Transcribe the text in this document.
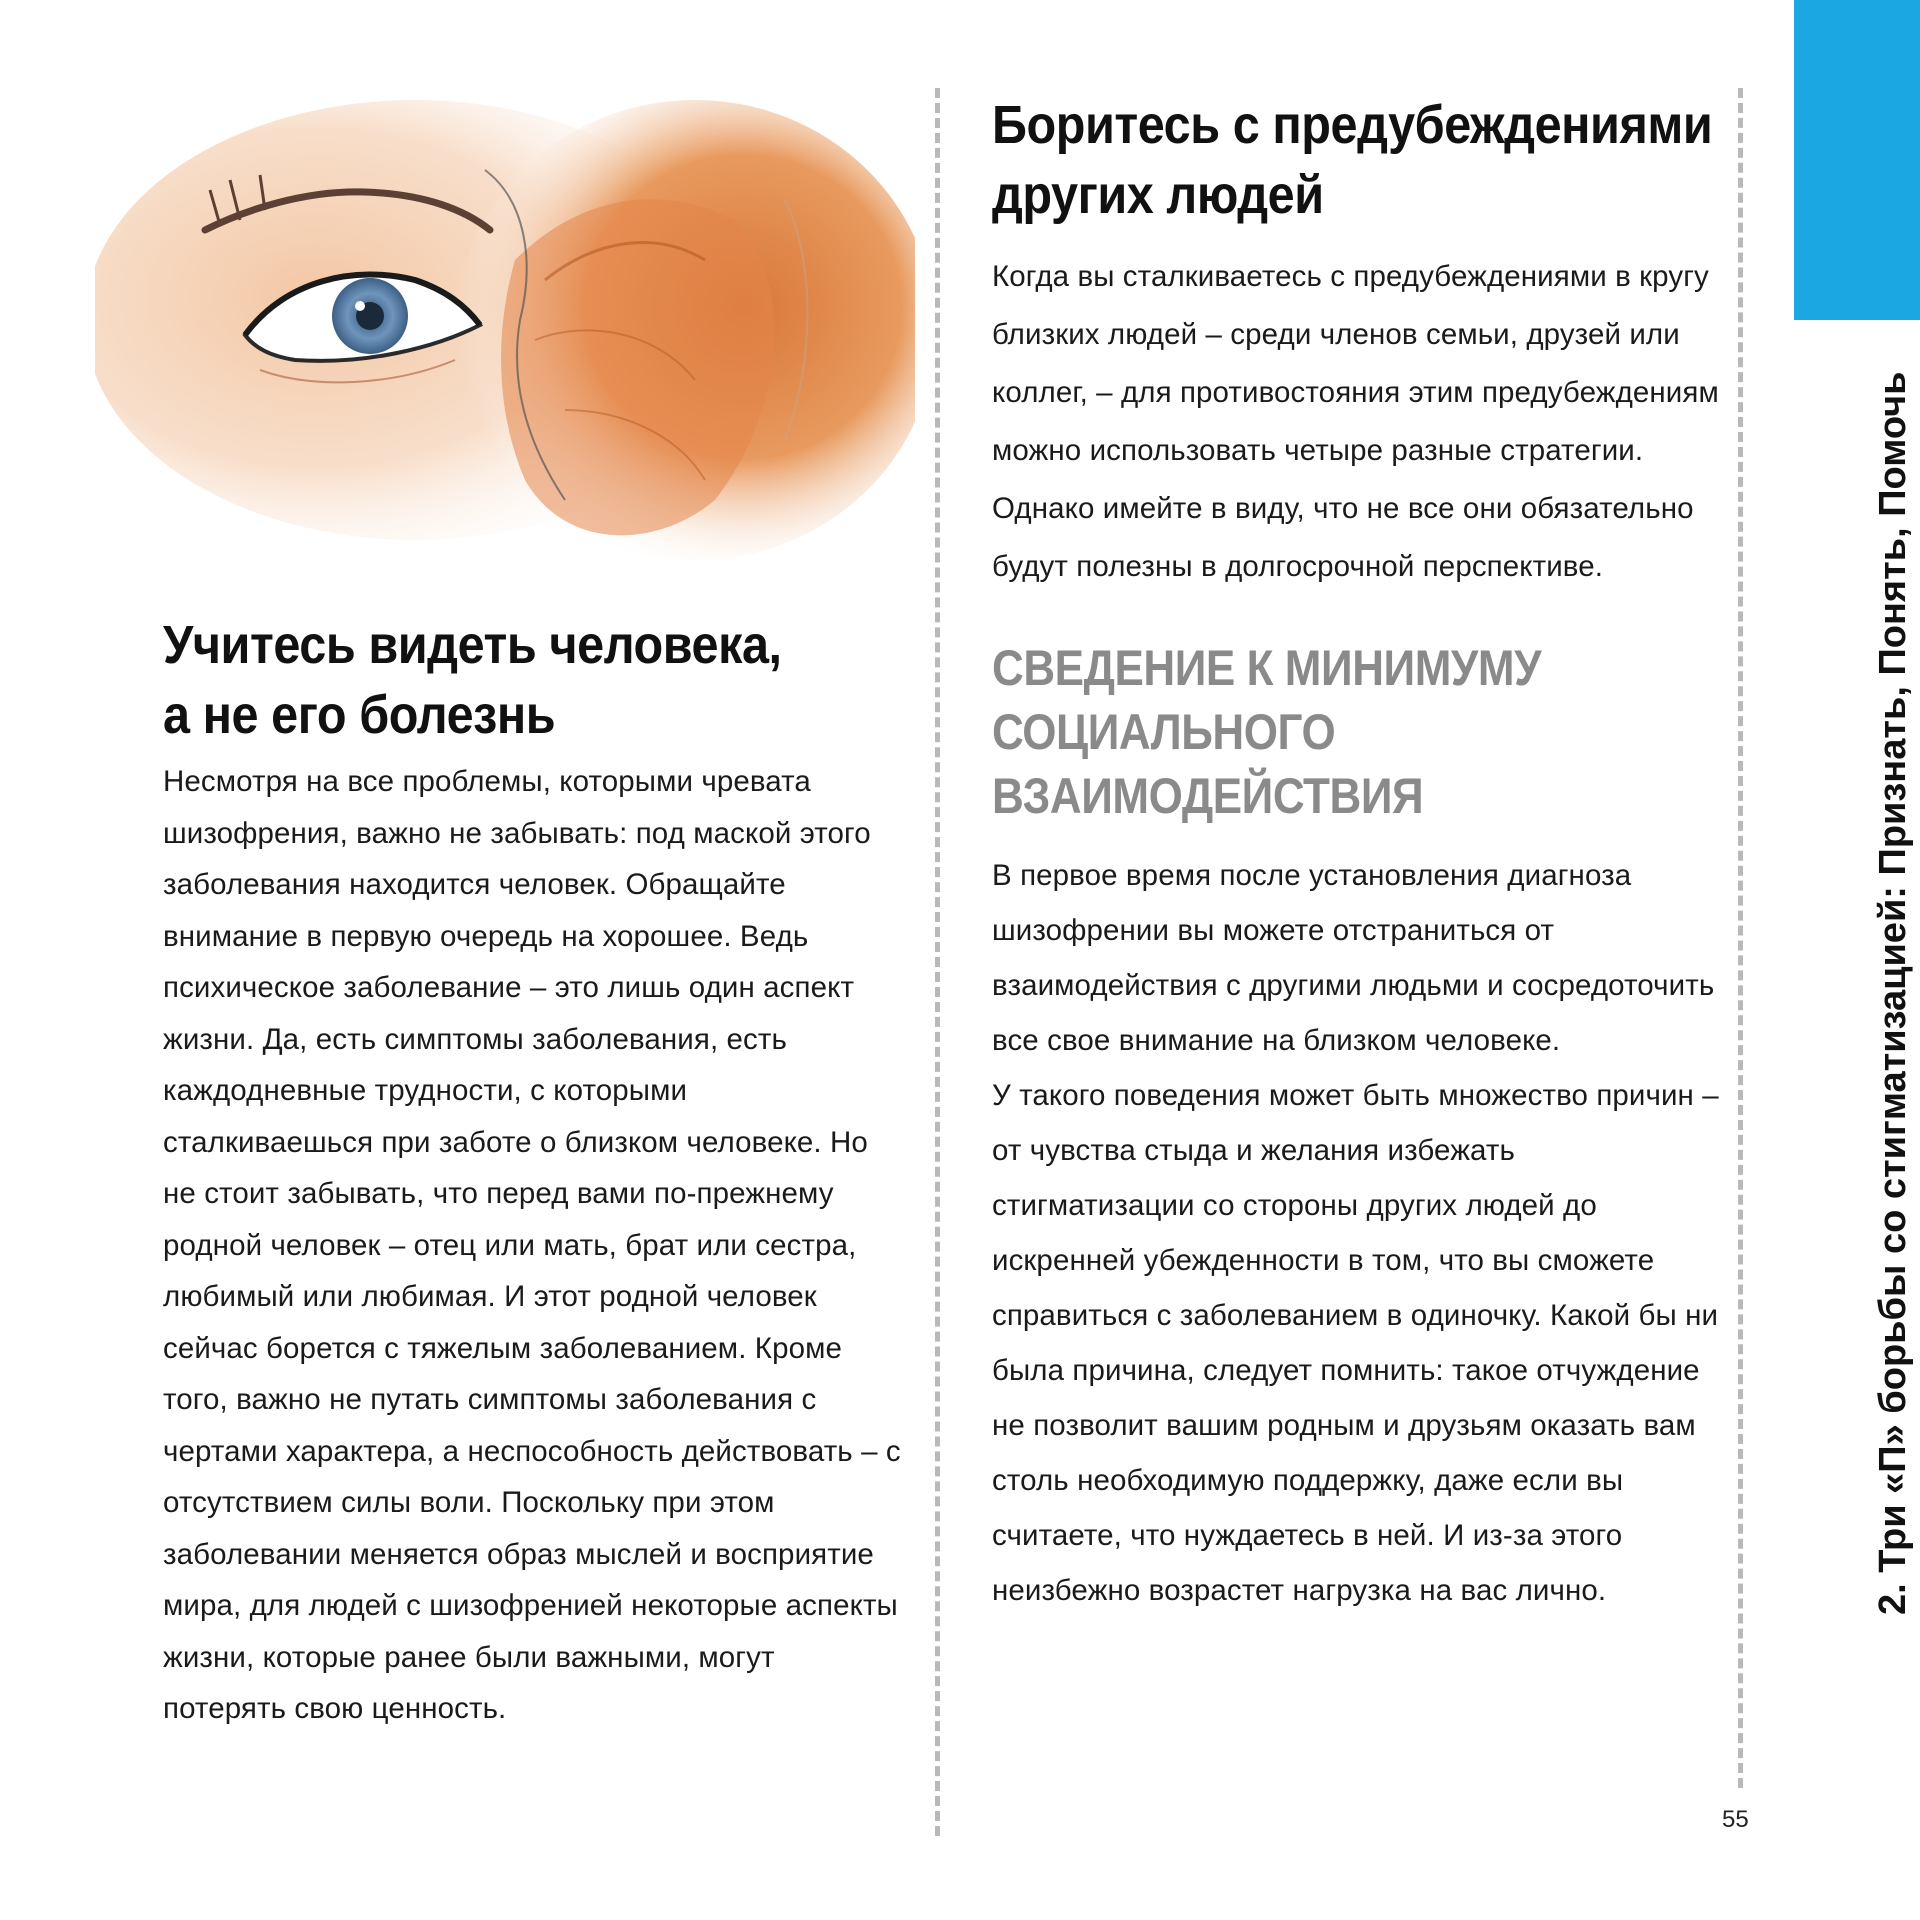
Учитесь видеть человека,
а не его болезнь

Несмотря на все проблемы, которыми чревата шизофрения, важно не забывать: под маской этого заболевания находится человек. Обращайте внимание в первую очередь на хорошее. Ведь психическое заболевание – это лишь один аспект жизни. Да, есть симптомы заболевания, есть каждодневные трудности, с которыми сталкиваешься при заботе о близком человеке. Но не стоит забывать, что перед вами по-прежнему родной человек – отец или мать, брат или сестра, любимый или любимая. И этот родной человек сейчас борется с тяжелым заболеванием. Кроме того, важно не путать симптомы заболевания с чертами характера, а неспособность действовать – с отсутствием силы воли. Поскольку при этом заболевании меняется образ мыслей и восприятие мира, для людей с шизофренией некоторые аспекты жизни, которые ранее были важными, могут потерять свою ценность.

Боритесь с предубеждениями
других людей

Когда вы сталкиваетесь с предубеждениями в кругу близких людей – среди членов семьи, друзей или коллег, – для противостояния этим предубеждениям можно использовать четыре разные стратегии. Однако имейте в виду, что не все они обязательно будут полезны в долгосрочной перспективе.

СВЕДЕНИЕ К МИНИМУМУ
СОЦИАЛЬНОГО
ВЗАИМОДЕЙСТВИЯ

В первое время после установления диагноза шизофрении вы можете отстраниться от взаимодействия с другими людьми и сосредоточить все свое внимание на близком человеке.

У такого поведения может быть множество причин – от чувства стыда и желания избежать стигматизации со стороны других людей до искренней убежденности в том, что вы сможете справиться с заболеванием в одиночку. Какой бы ни была причина, следует помнить: такое отчуждение не позволит вашим родным и друзьям оказать вам столь необходимую поддержку, даже если вы считаете, что нуждаетесь в ней. И из-за этого неизбежно возрастет нагрузка на вас лично.	2. Три «П» борьбы со стигматизацией: Признать, Понять, Помочь
55
